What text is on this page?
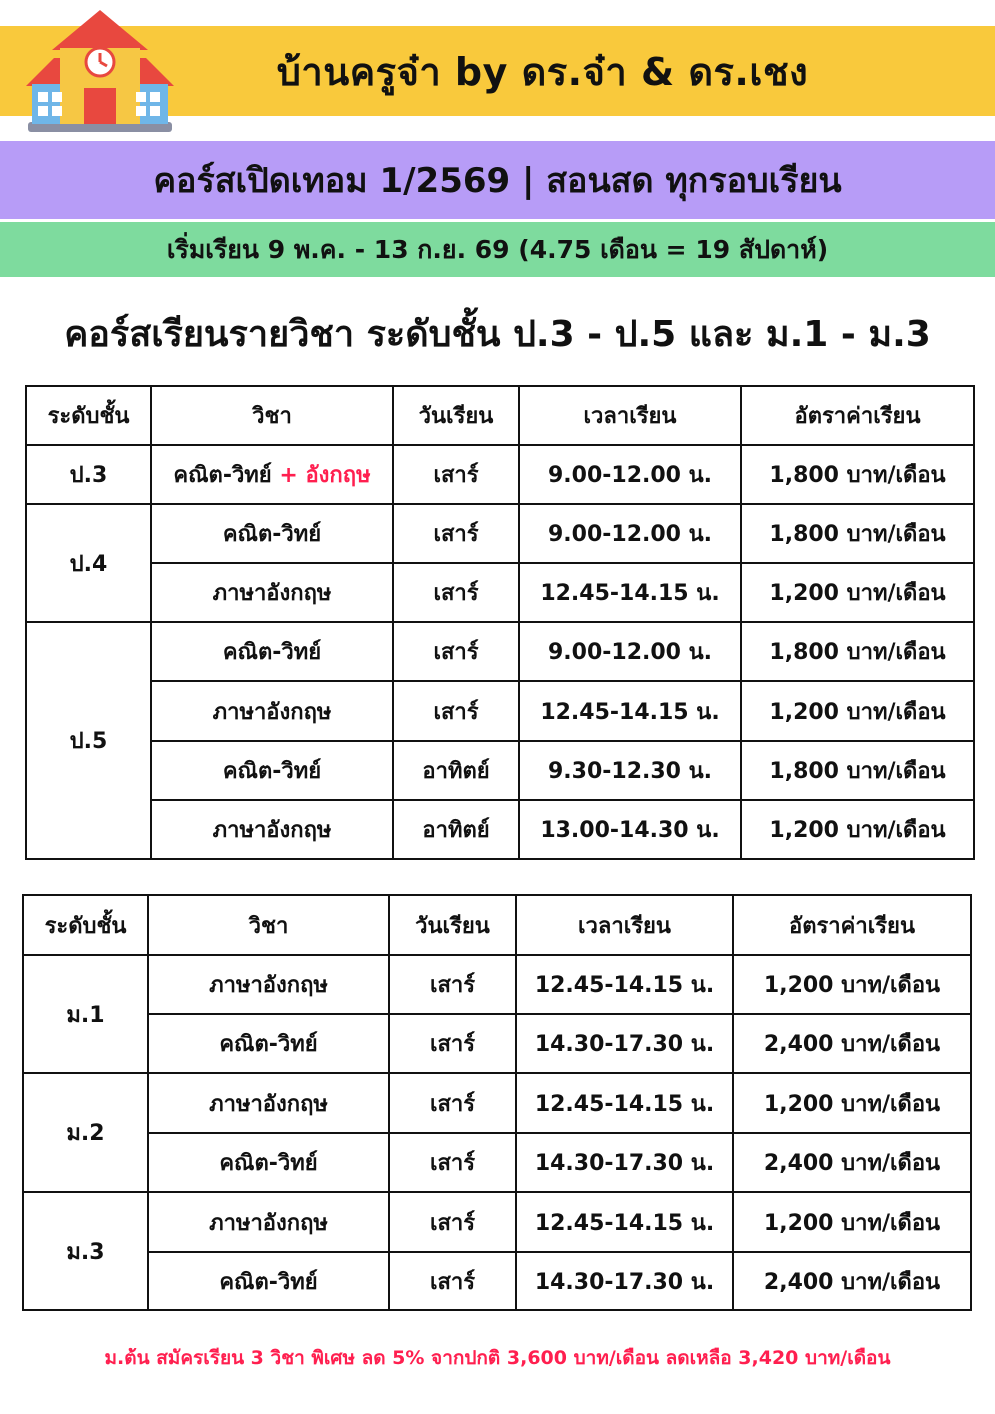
บ้านครูจ๋า by ดร.จ๋า & ดร.เชง
คอร์สเปิดเทอม 1/2569 | สอนสด ทุกรอบเรียน
เริ่มเรียน 9 พ.ค. - 13 ก.ย. 69 (4.75 เดือน = 19 สัปดาห์)
คอร์สเรียนรายวิชา ระดับชั้น ป.3 - ป.5 และ ม.1 - ม.3
ระดับชั้น	วิชา	วันเรียน	เวลาเรียน	อัตราค่าเรียน
ป.3	คณิต-วิทย์ + อังกฤษ	เสาร์	9.00-12.00 น.	1,800 บาท/เดือน
ป.4	คณิต-วิทย์	เสาร์	9.00-12.00 น.	1,800 บาท/เดือน
	ภาษาอังกฤษ	เสาร์	12.45-14.15 น.	1,200 บาท/เดือน
ป.5	คณิต-วิทย์	เสาร์	9.00-12.00 น.	1,800 บาท/เดือน
	ภาษาอังกฤษ	เสาร์	12.45-14.15 น.	1,200 บาท/เดือน
	คณิต-วิทย์	อาทิตย์	9.30-12.30 น.	1,800 บาท/เดือน
	ภาษาอังกฤษ	อาทิตย์	13.00-14.30 น.	1,200 บาท/เดือน
ระดับชั้น	วิชา	วันเรียน	เวลาเรียน	อัตราค่าเรียน
ม.1	ภาษาอังกฤษ	เสาร์	12.45-14.15 น.	1,200 บาท/เดือน
	คณิต-วิทย์	เสาร์	14.30-17.30 น.	2,400 บาท/เดือน
ม.2	ภาษาอังกฤษ	เสาร์	12.45-14.15 น.	1,200 บาท/เดือน
	คณิต-วิทย์	เสาร์	14.30-17.30 น.	2,400 บาท/เดือน
ม.3	ภาษาอังกฤษ	เสาร์	12.45-14.15 น.	1,200 บาท/เดือน
	คณิต-วิทย์	เสาร์	14.30-17.30 น.	2,400 บาท/เดือน
ม.ต้น สมัครเรียน 3 วิชา พิเศษ ลด 5% จากปกติ 3,600 บาท/เดือน ลดเหลือ 3,420 บาท/เดือน
